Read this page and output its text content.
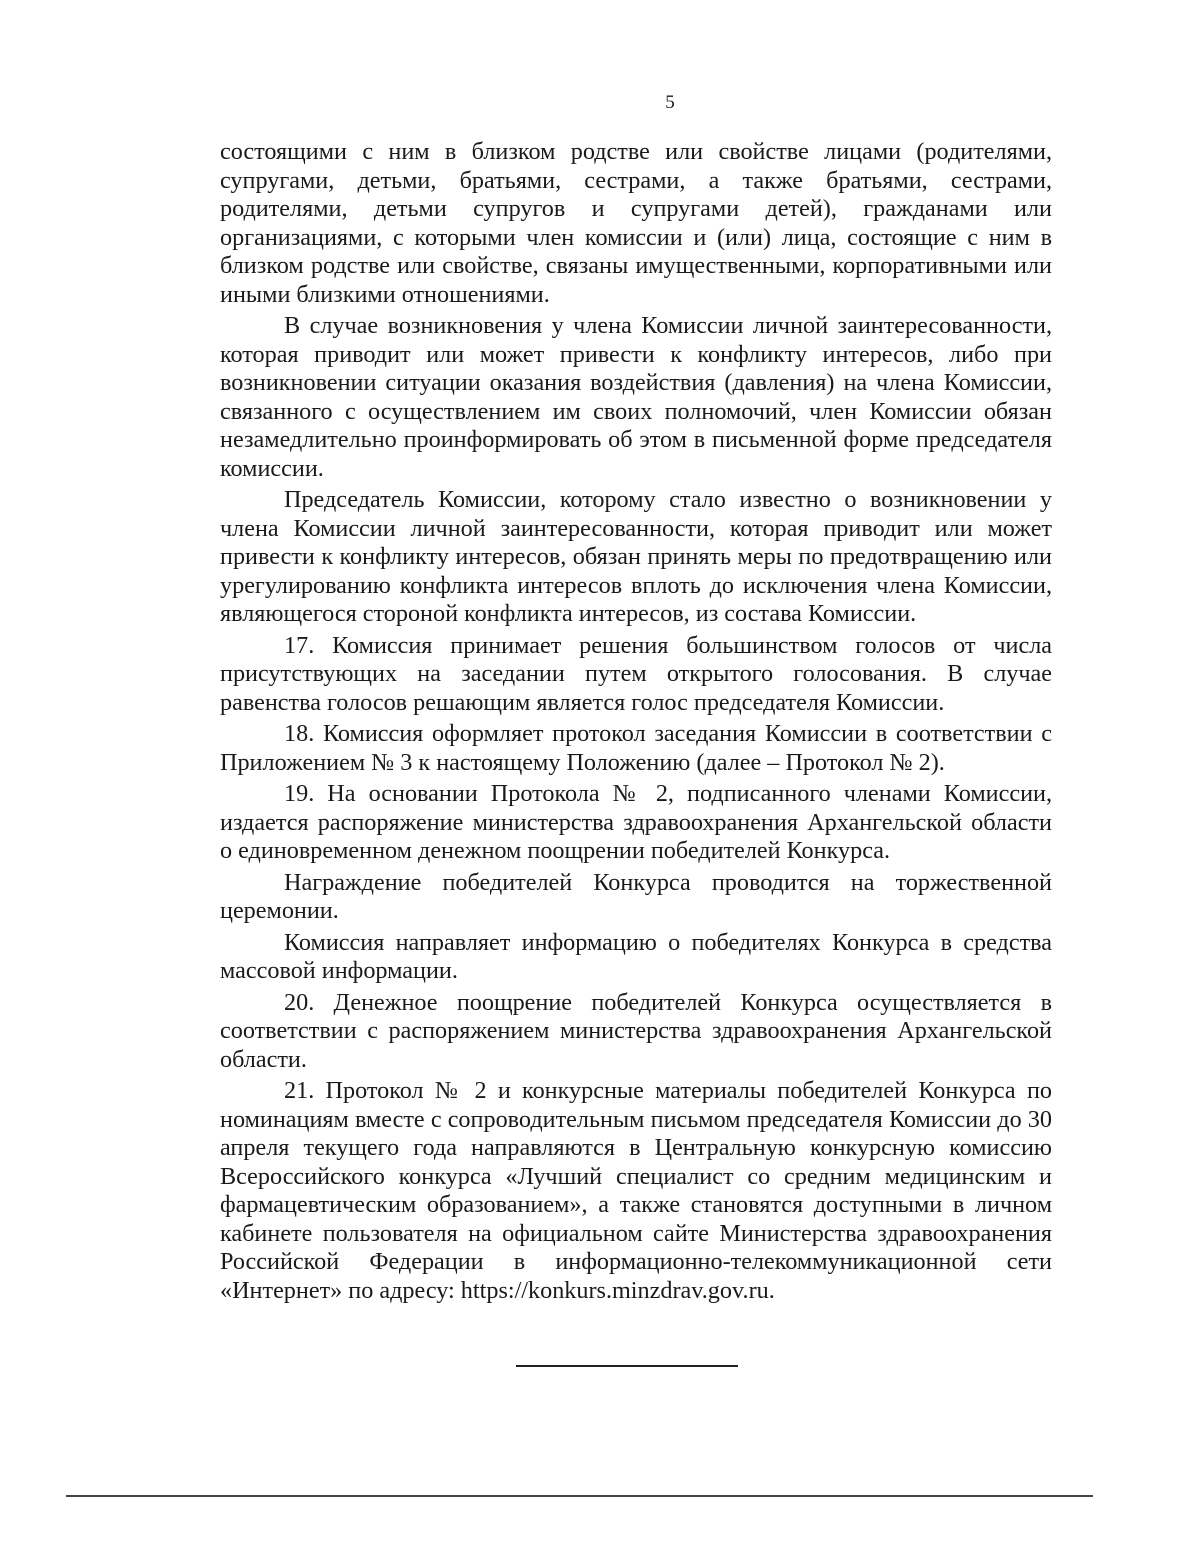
5

состоящими с ним в близком родстве или свойстве лицами (родителями, супругами, детьми, братьями, сестрами, а также братьями, сестрами, родителями, детьми супругов и супругами детей), гражданами или организациями, с которыми член комиссии и (или) лица, состоящие с ним в близком родстве или свойстве, связаны имущественными, корпоративными или иными близкими отношениями.

В случае возникновения у члена Комиссии личной заинтересованности, которая приводит или может привести к конфликту интересов, либо при возникновении ситуации оказания воздействия (давления) на члена Комиссии, связанного с осуществлением им своих полномочий, член Комиссии обязан незамедлительно проинформировать об этом в письменной форме председателя комиссии.

Председатель Комиссии, которому стало известно о возникновении у члена Комиссии личной заинтересованности, которая приводит или может привести к конфликту интересов, обязан принять меры по предотвращению или урегулированию конфликта интересов вплоть до исключения члена Комиссии, являющегося стороной конфликта интересов, из состава Комиссии.

17. Комиссия принимает решения большинством голосов от числа присутствующих на заседании путем открытого голосования. В случае равенства голосов решающим является голос председателя Комиссии.

18. Комиссия оформляет протокол заседания Комиссии в соответствии с Приложением № 3 к настоящему Положению (далее – Протокол № 2).

19. На основании Протокола № 2, подписанного членами Комиссии, издается распоряжение министерства здравоохранения Архангельской области о единовременном денежном поощрении победителей Конкурса.

Награждение победителей Конкурса проводится на торжественной церемонии.

Комиссия направляет информацию о победителях Конкурса в средства массовой информации.

20. Денежное поощрение победителей Конкурса осуществляется в соответствии с распоряжением министерства здравоохранения Архангельской области.

21. Протокол № 2 и конкурсные материалы победителей Конкурса по номинациям вместе с сопроводительным письмом председателя Комиссии до 30 апреля текущего года направляются в Центральную конкурсную комиссию Всероссийского конкурса «Лучший специалист со средним медицинским и фармацевтическим образованием», а также становятся доступными в личном кабинете пользователя на официальном сайте Министерства здравоохранения Российской Федерации в информационно-телекоммуникационной сети «Интернет» по адресу: https://konkurs.minzdrav.gov.ru.
